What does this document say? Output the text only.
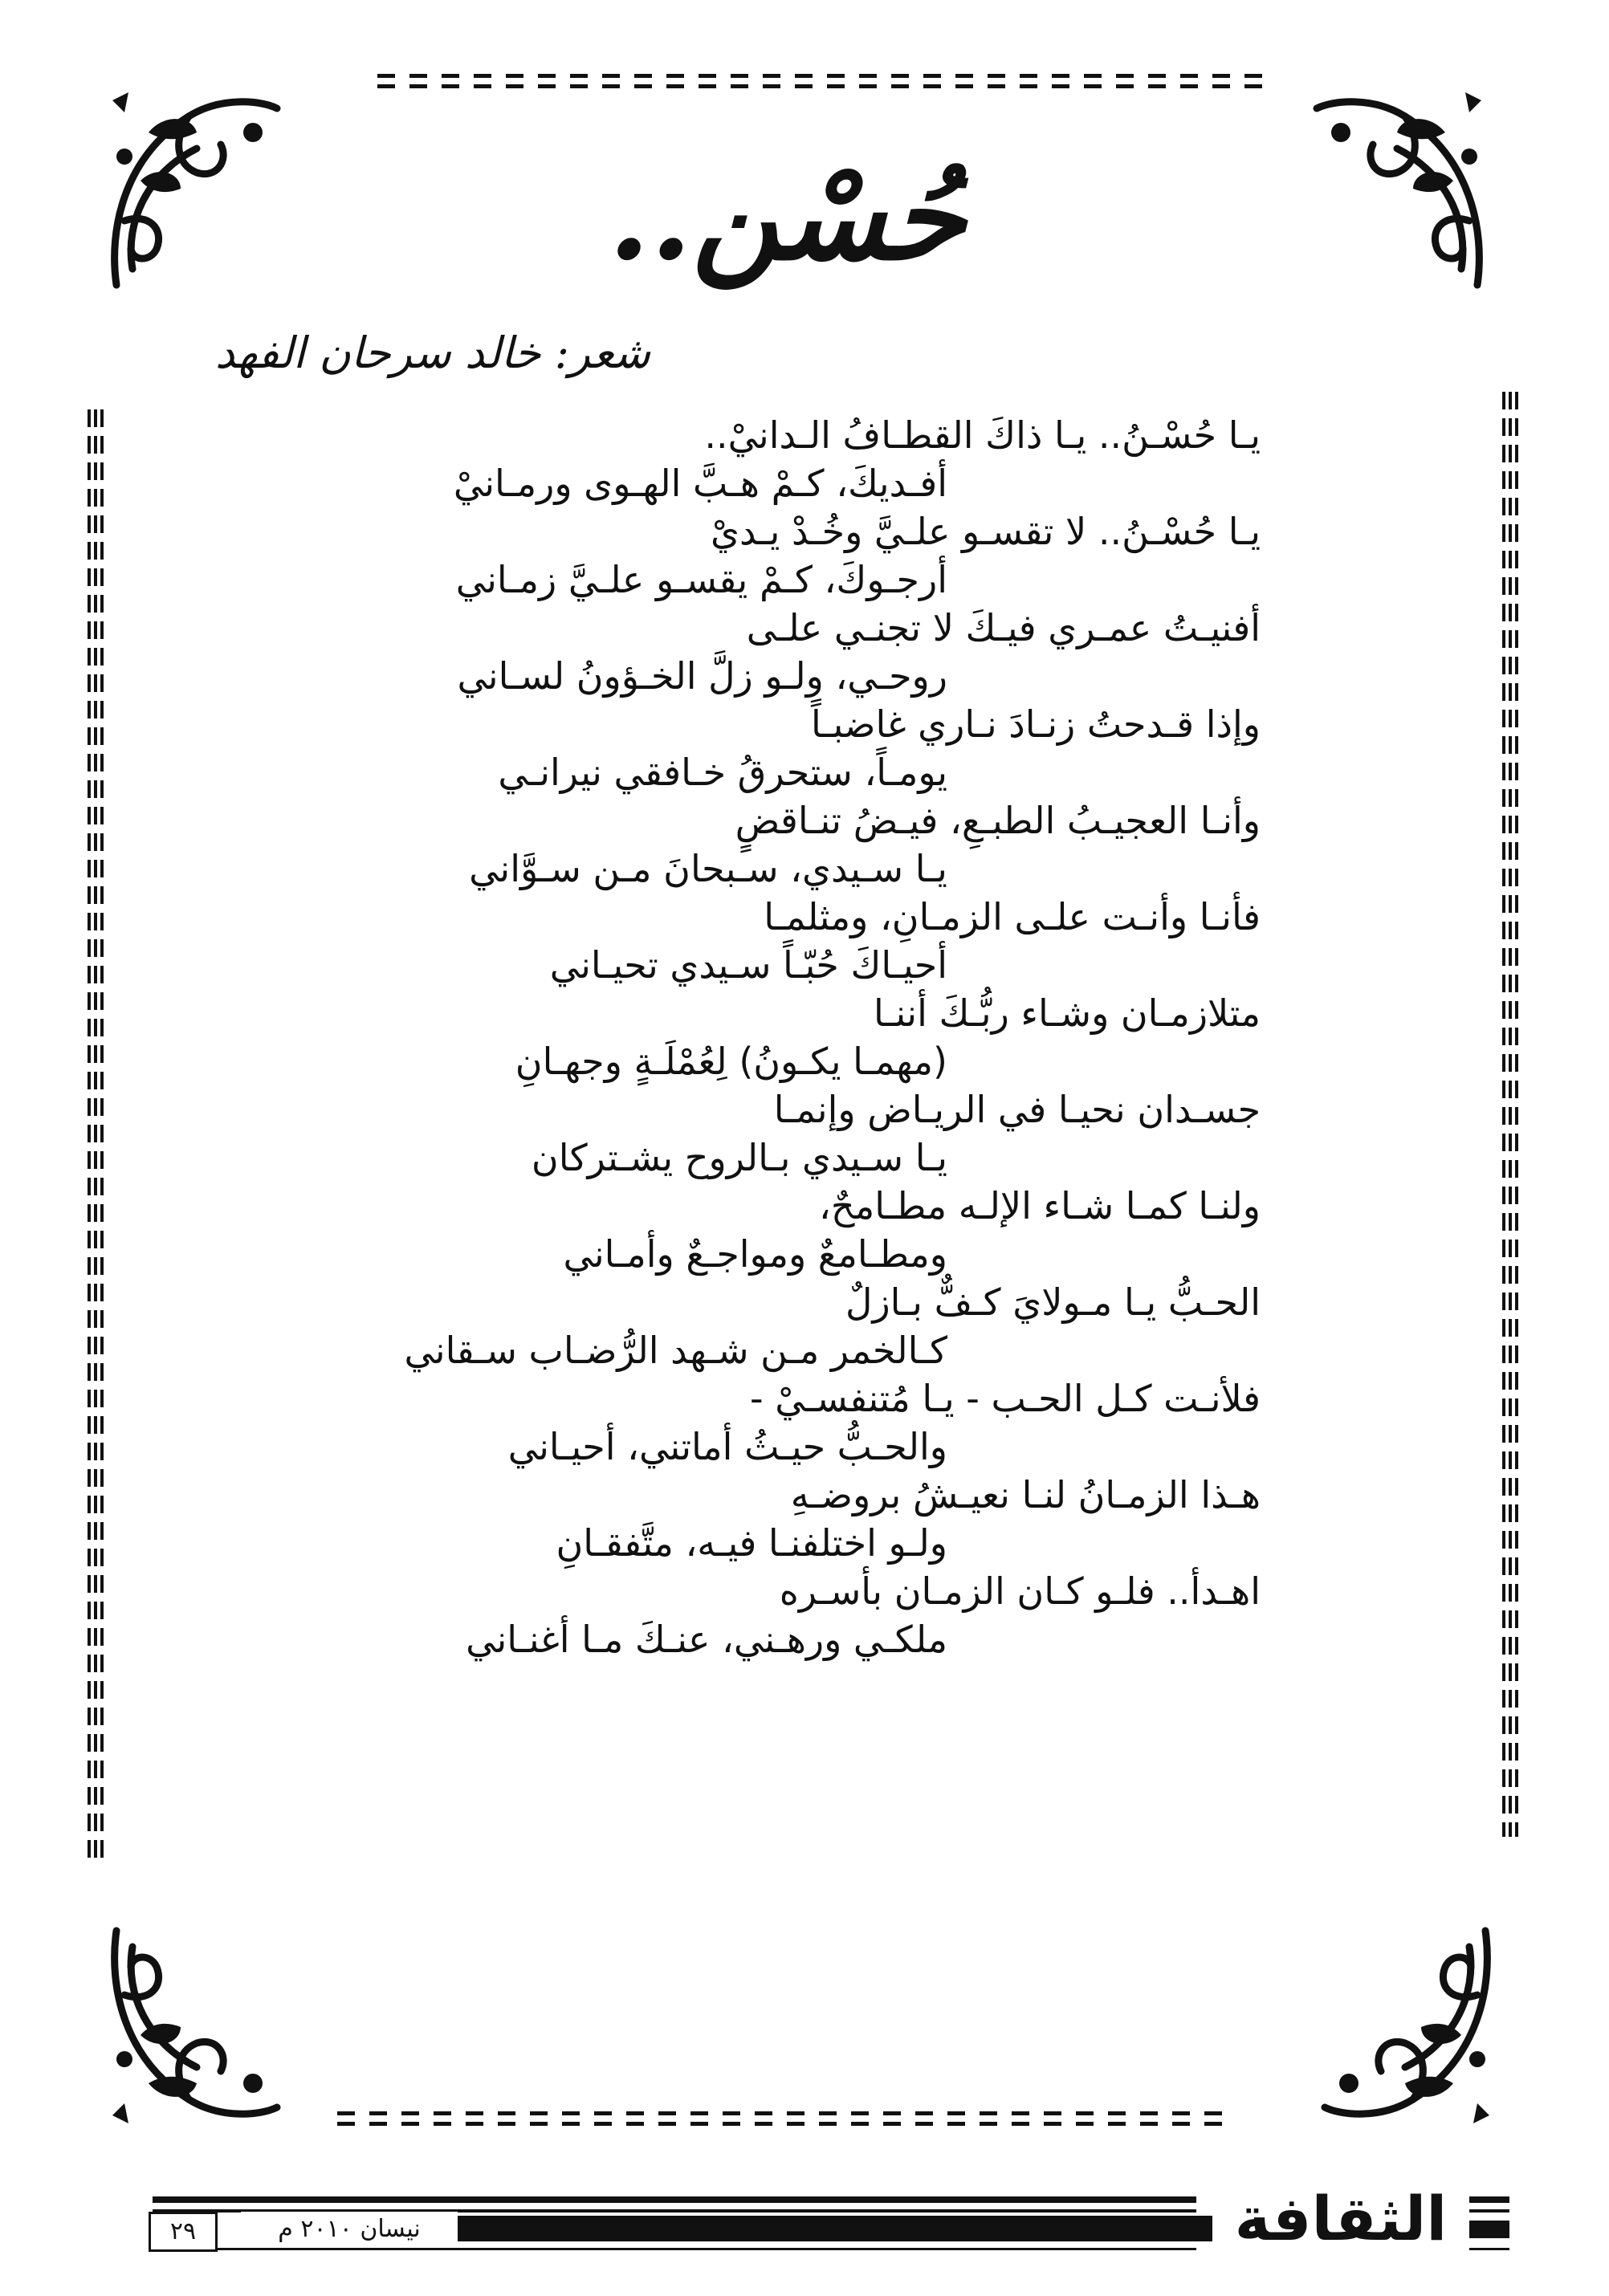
حُسْن..
شعر: خالد سرحان الفهد
يـا حُسْـنُ.. يـا ذاكَ القطـافُ الـدانيْ..
أفـديكَ، كـمْ هـبَّ الهـوى ورمـانيْ
يـا حُسْـنُ.. لا تقسـو علـيَّ وخُـدْ يـديْ
أرجـوكَ، كـمْ يقسـو علـيَّ زمـاني
أفنيـتُ عمـري فيـكَ لا تجنـي علـى
روحـي، ولـو زلَّ الخـؤونُ لسـاني
وإذا قـدحتُ زنـادَ نـاري غاضبـاً
يومـاً، ستحرقُ خـافقي نيرانـي
وأنـا العجيـبُ الطبـعِ، فيـضُ تنـاقضٍ
يـا سـيدي، سـبحانَ مـن سـوَّاني
فأنـا وأنـت علـى الزمـانِ، ومثلمـا
أحيـاكَ حُبّـاً سـيدي تحيـاني
متلازمـان وشـاء ربُّـكَ أننـا
(مهمـا يكـونُ) لِعُمْلَـةٍ وجهـانِ
جسـدان نحيـا في الريـاض وإنمـا
يـا سـيدي بـالروح يشـتركان
ولنـا كمـا شـاء الإلـه مطـامحٌ،
ومطـامعٌ ومواجـعٌ وأمـاني
الحـبُّ يـا مـولايَ كـفٌّ بـازلٌ
كـالخمر مـن شـهد الرُّضـاب سـقاني
فلأنـت كـل الحـب - يـا مُتنفسـيْ -
والحـبُّ حيـثُ أماتني، أحيـاني
هـذا الزمـانُ لنـا نعيـشُ بروضـهِ
ولـو اختلفنـا فيـه، متَّفقـانِ
اهـدأ.. فلـو كـان الزمـان بأسـره
ملكـي ورهـني، عنـكَ مـا أغنـاني
نيسان ٢٠١٠ م
٢٩	الثقافة
